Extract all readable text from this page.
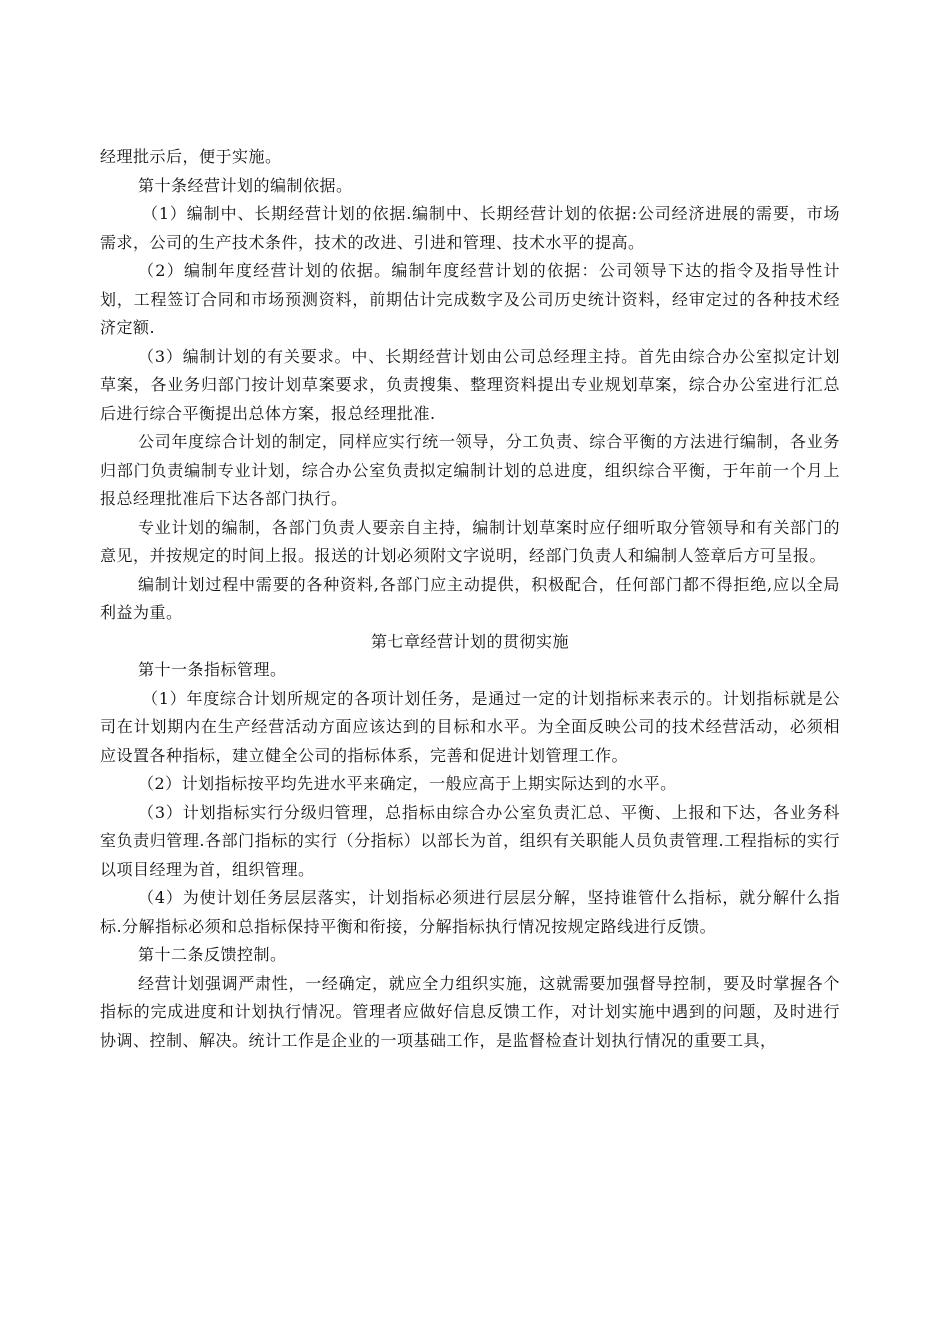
经理批示后，便于实施。

第十条经营计划的编制依据。

（1）编制中、长期经营计划的依据.编制中、长期经营计划的依据:公司经济进展的需要，市场需求，公司的生产技术条件，技术的改进、引进和管理、技术水平的提高。

（2）编制年度经营计划的依据。编制年度经营计划的依据：公司领导下达的指令及指导性计划，工程签订合同和市场预测资料，前期估计完成数字及公司历史统计资料，经审定过的各种技术经济定额.

（3）编制计划的有关要求。中、长期经营计划由公司总经理主持。首先由综合办公室拟定计划草案，各业务归部门按计划草案要求，负责搜集、整理资料提出专业规划草案，综合办公室进行汇总后进行综合平衡提出总体方案，报总经理批准.

公司年度综合计划的制定，同样应实行统一领导，分工负责、综合平衡的方法进行编制，各业务归部门负责编制专业计划，综合办公室负责拟定编制计划的总进度，组织综合平衡，于年前一个月上报总经理批准后下达各部门执行。

专业计划的编制，各部门负责人要亲自主持，编制计划草案时应仔细听取分管领导和有关部门的意见，并按规定的时间上报。报送的计划必须附文字说明，经部门负责人和编制人签章后方可呈报。

编制计划过程中需要的各种资料,各部门应主动提供，积极配合，任何部门都不得拒绝,应以全局利益为重。

第七章经营计划的贯彻实施

第十一条指标管理。

（1）年度综合计划所规定的各项计划任务，是通过一定的计划指标来表示的。计划指标就是公司在计划期内在生产经营活动方面应该达到的目标和水平。为全面反映公司的技术经营活动，必须相应设置各种指标，建立健全公司的指标体系，完善和促进计划管理工作。

（2）计划指标按平均先进水平来确定，一般应高于上期实际达到的水平。

（3）计划指标实行分级归管理，总指标由综合办公室负责汇总、平衡、上报和下达，各业务科室负责归管理.各部门指标的实行（分指标）以部长为首，组织有关职能人员负责管理.工程指标的实行以项目经理为首，组织管理。

（4）为使计划任务层层落实，计划指标必须进行层层分解，坚持谁管什么指标，就分解什么指标.分解指标必须和总指标保持平衡和衔接，分解指标执行情况按规定路线进行反馈。

第十二条反馈控制。

经营计划强调严肃性，一经确定，就应全力组织实施，这就需要加强督导控制，要及时掌握各个指标的完成进度和计划执行情况。管理者应做好信息反馈工作，对计划实施中遇到的问题，及时进行协调、控制、解决。统计工作是企业的一项基础工作，是监督检查计划执行情况的重要工具，
